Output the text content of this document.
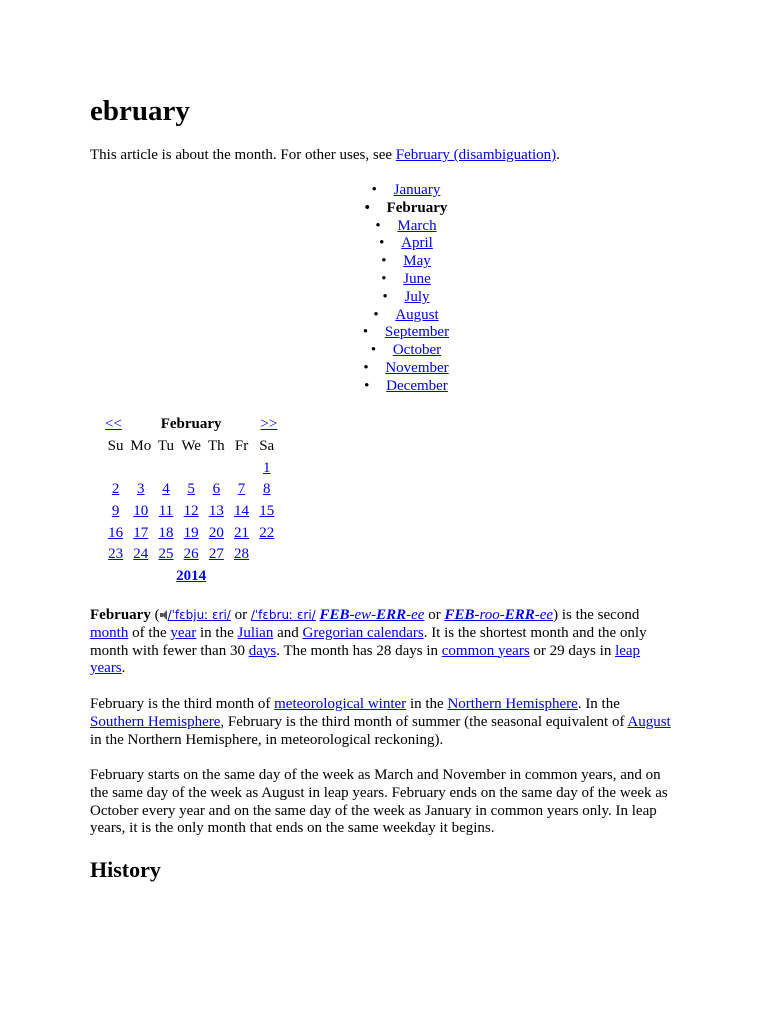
ebruary

This article is about the month. For other uses, see February (disambiguation).

• January
• February
• March
• April
• May
• June
• July
• August
• September
• October
• November
• December
<<		February			>>	
Su	Mo	Tu	We	Th	Fr	Sa
						1
2	3	4	5	6	7	8
9	10	11	12	13	14	15
16	17	18	19	20	21	22
23	24	25	26	27	28	
2014						

February ( /ˈfɛbjuː ɛri/ or /ˈfɛbruː ɛri/ FEB-ew-ERR-ee or FEB-roo-ERR-ee) is the second month of the year in the Julian and Gregorian calendars. It is the shortest month and the only month with fewer than 30 days. The month has 28 days in common years or 29 days in leap years.

February is the third month of meteorological winter in the Northern Hemisphere. In the Southern Hemisphere, February is the third month of summer (the seasonal equivalent of August in the Northern Hemisphere, in meteorological reckoning).

February starts on the same day of the week as March and November in common years, and on the same day of the week as August in leap years. February ends on the same day of the week as October every year and on the same day of the week as January in common years only. In leap years, it is the only month that ends on the same weekday it begins.

History
